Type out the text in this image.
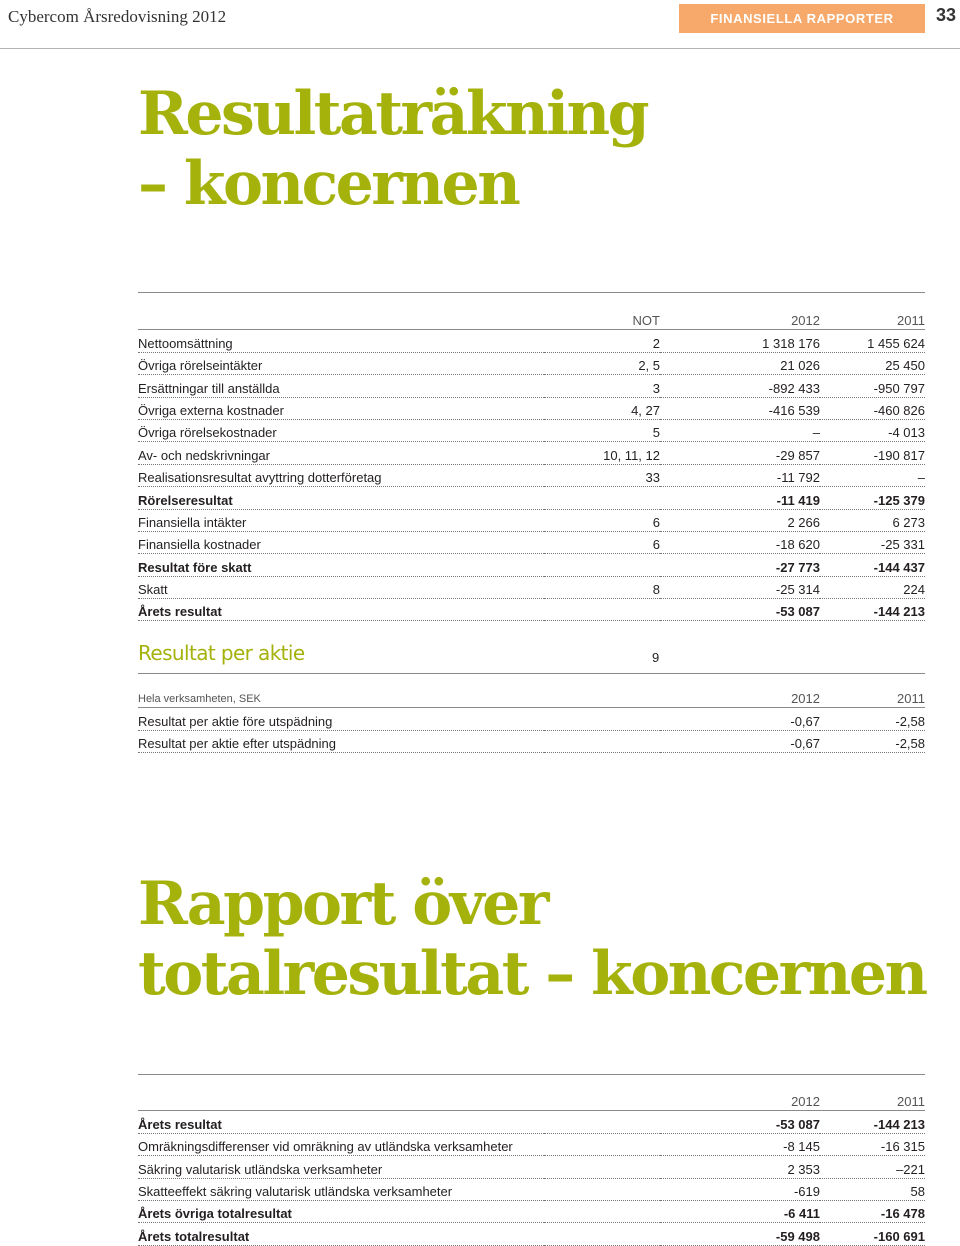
Cybercom Årsredovisning 2012	FINANSIELLA RAPPORTER	33
Resultaträkning
– koncernen
	NOT	2012	2011
Nettoomsättning	2	1 318 176	1 455 624
Övriga rörelseintäkter	2, 5	21 026	25 450
Ersättningar till anställda	3	-892 433	-950 797
Övriga externa kostnader	4, 27	-416 539	-460 826
Övriga rörelsekostnader	5	–	-4 013
Av- och nedskrivningar	10, 11, 12	-29 857	-190 817
Realisationsresultat avyttring dotterföretag	33	-11 792	–
Rörelseresultat		-11 419	-125 379
Finansiella intäkter	6	2 266	6 273
Finansiella kostnader	6	-18 620	-25 331
Resultat före skatt		-27 773	-144 437
Skatt	8	-25 314	224
Årets resultat		-53 087	-144 213
Resultat per aktie	9
Hela verksamheten, SEK		2012	2011
Resultat per aktie före utspädning		-0,67	-2,58
Resultat per aktie efter utspädning		-0,67	-2,58
Rapport över
totalresultat – koncernen
		2012	2011
Årets resultat		-53 087	-144 213
Omräkningsdifferenser vid omräkning av utländska verksamheter		-8 145	-16 315
Säkring valutarisk utländska verksamheter		2 353	–221
Skatteeffekt säkring valutarisk utländska verksamheter		-619	58
Årets övriga totalresultat		-6 411	-16 478
Årets totalresultat		-59 498	-160 691
